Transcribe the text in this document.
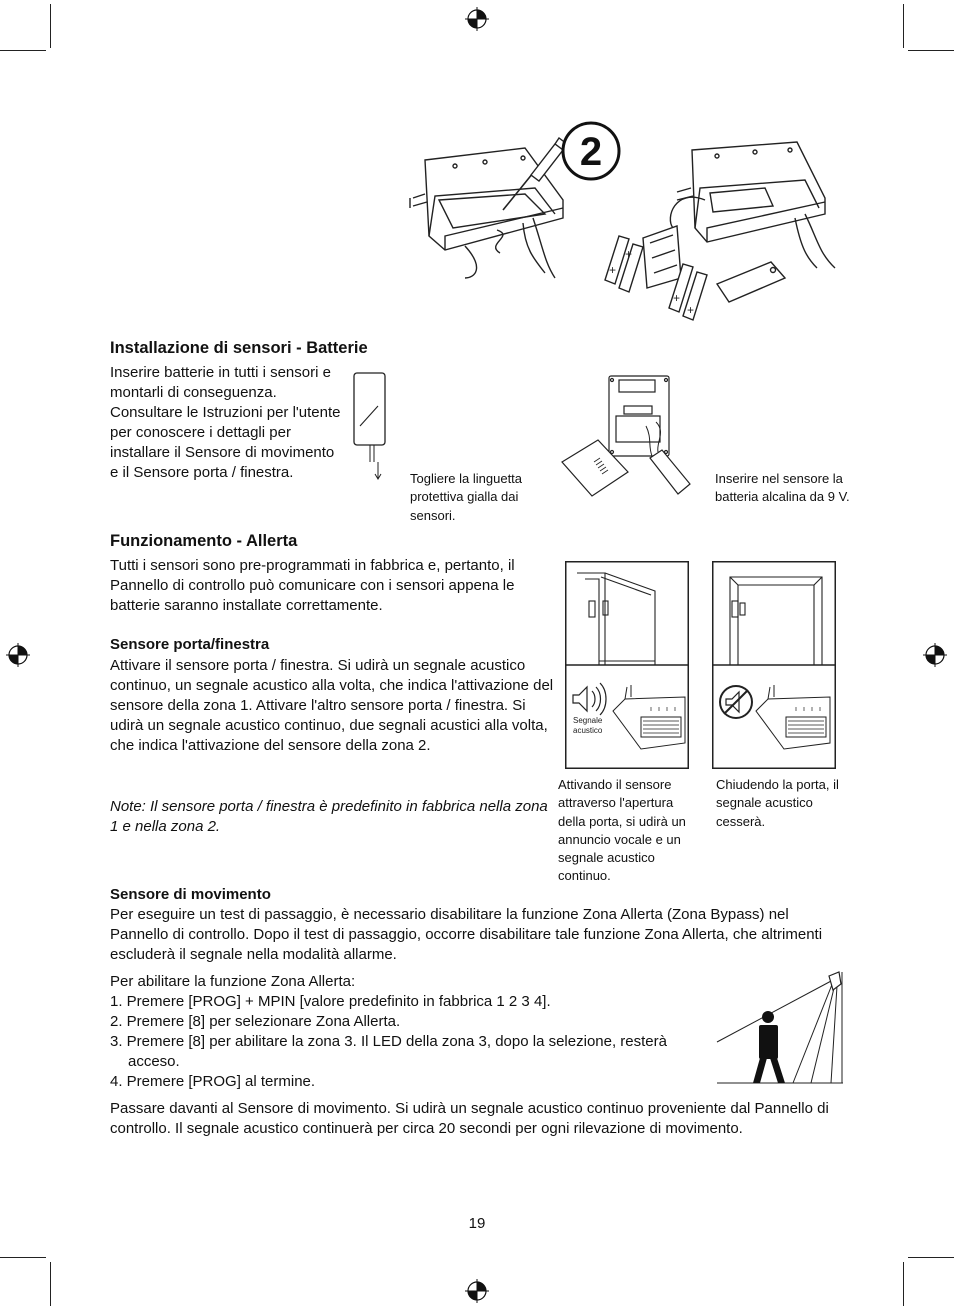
2
+
+
+
+
Installazione di sensori - Batterie
Inserire batterie in tutti i sensori e montarli di conseguenza. Consultare le Istruzioni per l'utente per conoscere i dettagli per installare il Sensore di movimento e il Sensore porta / finestra.	Togliere la linguetta protettiva gialla dai sensori.
Inserire nel sensore la batteria alcalina da 9 V.
Funzionamento - Allerta
Tutti i sensori sono pre-programmati in fabbrica e, pertanto, il Pannello di controllo può comunicare con i sensori appena le batterie saranno installate correttamente.
Sensore porta/finestra
Attivare il sensore porta / finestra. Si udirà un segnale acustico continuo, un segnale acustico alla volta, che indica l'attivazione del sensore della zona 1. Attivare l'altro sensore porta / finestra. Si udirà un segnale acustico continuo, due segnali acustici alla volta, che indica l'attivazione del sensore della zona 2.
Note: Il sensore porta / finestra è predefinito in fabbrica nella zona 1 e nella zona 2.
Segnale
acustico
Attivando il sensore attraverso l'apertura della porta, si udirà un annuncio vocale e un segnale acustico continuo.
Chiudendo la porta, il segnale acustico cesserà.
Sensore di movimento
Per eseguire un test di passaggio, è necessario disabilitare la funzione Zona Allerta (Zona Bypass) nel Pannello di controllo. Dopo il test di passaggio, occorre disabilitare tale funzione Zona Allerta, che altrimenti escluderà il segnale nella modalità allarme.
Per abilitare la funzione Zona Allerta:
1. Premere [PROG] + MPIN [valore predefinito in fabbrica 1 2 3 4].
2. Premere [8] per selezionare Zona Allerta.
3. Premere [8] per abilitare la zona 3. Il LED della zona 3, dopo la selezione, resterà acceso.
4. Premere [PROG] al termine.
Passare davanti al Sensore di movimento. Si udirà un segnale acustico continuo proveniente dal Pannello di controllo. Il segnale acustico continuerà per circa 20 secondi per ogni rilevazione di movimento.
19
